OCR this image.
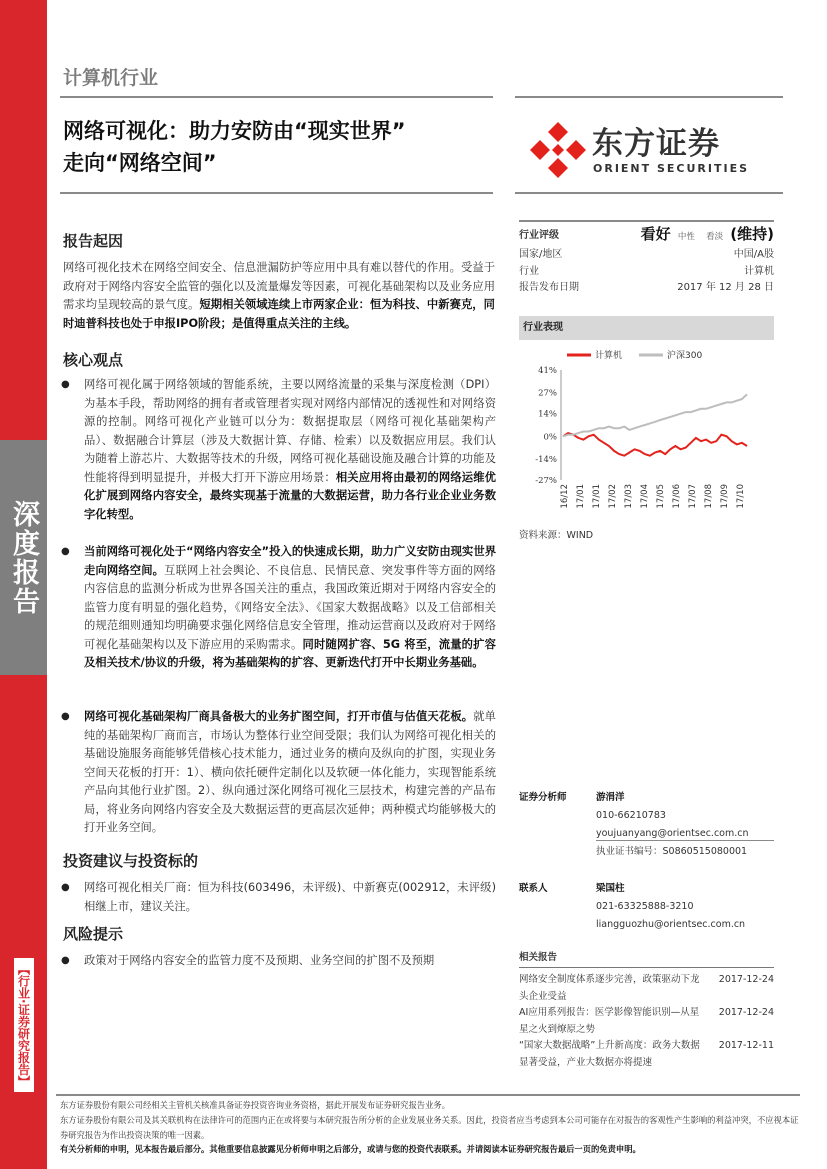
深度报告
【行业·证券研究报告】
计算机行业
网络可视化：助力安防由“现实世界”
走向“网络空间”
东方证券
ORIENT SECURITIES
报告起因
网络可视化技术在网络空间安全、信息泄漏防护等应用中具有难以替代的作用。受益于政府对于网络内容安全监管的强化以及流量爆发等因素，可视化基础架构以及业务应用需求均呈现较高的景气度。短期相关领域连续上市两家企业：恒为科技、中新赛克，同时迪普科技也处于申报IPO阶段；是值得重点关注的主线。
核心观点
● 网络可视化属于网络领域的智能系统，主要以网络流量的采集与深度检测（DPI）为基本手段，帮助网络的拥有者或管理者实现对网络内部情况的透视性和对网络资源的控制。网络可视化产业链可以分为：数据提取层（网络可视化基础架构产品）、数据融合计算层（涉及大数据计算、存储、检索）以及数据应用层。我们认为随着上游芯片、大数据等技术的升级，网络可视化基础设施及融合计算的功能及性能将得到明显提升，并极大打开下游应用场景：相关应用将由最初的网络运维优化扩展到网络内容安全，最终实现基于流量的大数据运营，助力各行业企业业务数字化转型。
● 当前网络可视化处于“网络内容安全”投入的快速成长期，助力广义安防由现实世界走向网络空间。互联网上社会舆论、不良信息、民情民意、突发事件等方面的网络内容信息的监测分析成为世界各国关注的重点，我国政策近期对于网络内容安全的监管力度有明显的强化趋势，《网络安全法》、《国家大数据战略》以及工信部相关的规范细则通知均明确要求强化网络信息安全管理，推动运营商以及政府对于网络可视化基础架构以及下游应用的采购需求。同时随网扩容、5G 将至，流量的扩容及相关技术/协议的升级，将为基础架构的扩容、更新迭代打开中长期业务基础。
● 网络可视化基础架构厂商具备极大的业务扩图空间，打开市值与估值天花板。就单纯的基础架构厂商而言，市场认为整体行业空间受限；我们认为网络可视化相关的基础设施服务商能够凭借核心技术能力，通过业务的横向及纵向的扩图，实现业务空间天花板的打开：1）、横向依托硬件定制化以及软硬一体化能力，实现智能系统产品向其他行业扩图。2）、纵向通过深化网络可视化三层技术，构建完善的产品布局，将业务向网络内容安全及大数据运营的更高层次延伸；两种模式均能够极大的打开业务空间。
投资建议与投资标的
● 网络可视化相关厂商：恒为科技(603496，未评级)、中新赛克(002912，未评级)相继上市，建议关注。
风险提示
● 政策对于网络内容安全的监管力度不及预期、业务空间的扩图不及预期
行业评级	看好 中性 看淡 (维持)
国家/地区	中国/A股
行业	计算机
报告发布日期	2017 年 12 月 28 日
行业表现
计算机	沪深300
41%
27%
14%
0%
-14%
-27%
16/12 17/01 17/01 17/02 17/03 17/04 17/05 17/06 17/07 17/08 17/09 17/10
资料来源：WIND
证券分析师	游涓洋
010-66210783
youjuanyang@orientsec.com.cn
执业证书编号：S0860515080001
联系人	梁国柱
021-63325888-3210
liangguozhu@orientsec.com.cn
相关报告
网络安全制度体系逐步完善，政策驱动下龙头企业受益
2017-12-24
AI应用系列报告：医学影像智能识别—从星星之火到燎原之势
2017-12-24
“国家大数据战略”上升新高度：政务大数据显著受益，产业大数据亦将提速
2017-12-11
东方证券股份有限公司经相关主管机关核准具备证券投资咨询业务资格，据此开展发布证券研究报告业务。
东方证券股份有限公司及其关联机构在法律许可的范围内正在或将要与本研究报告所分析的企业发展业务关系。因此，投资者应当考虑到本公司可能存在对报告的客观性产生影响的利益冲突，不应视本证券研究报告为作出投资决策的唯一因素。
有关分析师的申明，见本报告最后部分。其他重要信息披露见分析师申明之后部分，或请与您的投资代表联系。并请阅读本证券研究报告最后一页的免责申明。
